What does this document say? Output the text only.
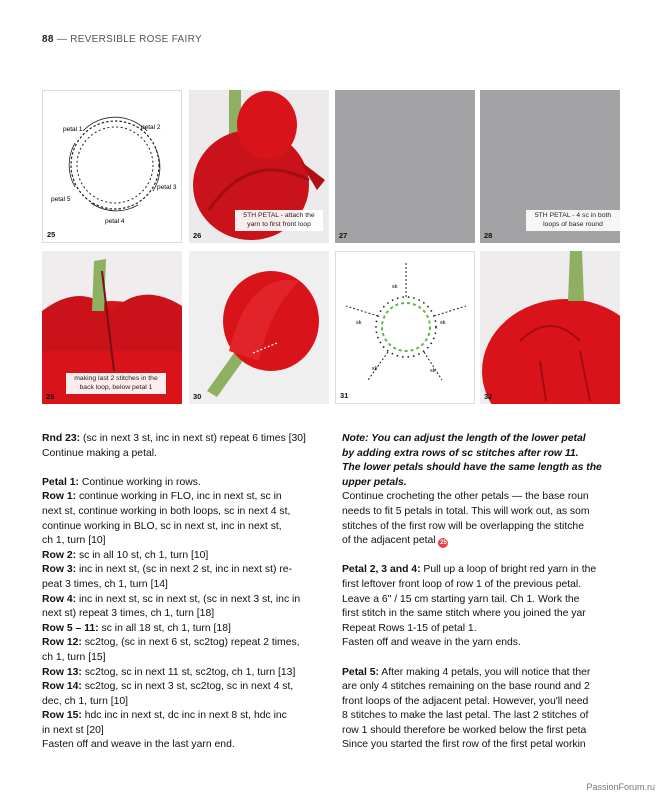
88 — REVERSIBLE ROSE FAIRY
petal 1	petal 2
petal 3
petal 4
petal 5
25
5TH PETAL - attach the yarn to first front loop
26	27
5TH PETAL - 4 sc in both loops of base round
28
making last 2 stitches in the back loop, below petal 1
29	30
sk
sk
sk
sk
sk
31	32

Rnd 23: (sc in next 3 st, inc in next st) repeat 6 times [30]

Continue making a petal.

Petal 1: Continue working in rows.

Row 1: continue working in FLO, inc in next st, sc in

next st, continue working in both loops, sc in next 4 st,

continue working in BLO, sc in next st, inc in next st,

ch 1, turn [10]

Row 2: sc in all 10 st, ch 1, turn [10]

Row 3: inc in next st, (sc in next 2 st, inc in next st) re-

peat 3 times, ch 1, turn [14]

Row 4: inc in next st, sc in next st, (sc in next 3 st, inc in

next st) repeat 3 times, ch 1, turn [18]

Row 5 – 11: sc in all 18 st, ch 1, turn [18]

Row 12: sc2tog, (sc in next 6 st, sc2tog) repeat 2 times,

ch 1, turn [15]

Row 13: sc2tog, sc in next 11 st, sc2tog, ch 1, turn [13]

Row 14: sc2tog, sc in next 3 st, sc2tog, sc in next 4 st,

dec, ch 1, turn [10]

Row 15: hdc inc in next st, dc inc in next 8 st, hdc inc

in next st [20]

Fasten off and weave in the last yarn end.

Note: You can adjust the length of the lower petal

by adding extra rows of sc stitches after row 11.

The lower petals should have the same length as the

upper petals.

Continue crocheting the other petals — the base roun

needs to fit 5 petals in total. This will work out, as som

stitches of the first row will be overlapping the stitche

of the adjacent petal 25

Petal 2, 3 and 4: Pull up a loop of bright red yarn in the

first leftover front loop of row 1 of the previous petal.

Leave a 6" / 15 cm starting yarn tail. Ch 1. Work the

first stitch in the same stitch where you joined the yar

Repeat Rows 1-15 of petal 1.

Fasten off and weave in the yarn ends.

Petal 5: After making 4 petals, you will notice that ther

are only 4 stitches remaining on the base round and 2

front loops of the adjacent petal. However, you'll need

8 stitches to make the last petal. The last 2 stitches of

row 1 should therefore be worked below the first peta

Since you started the first row of the first petal workin

PassionForum.ru
